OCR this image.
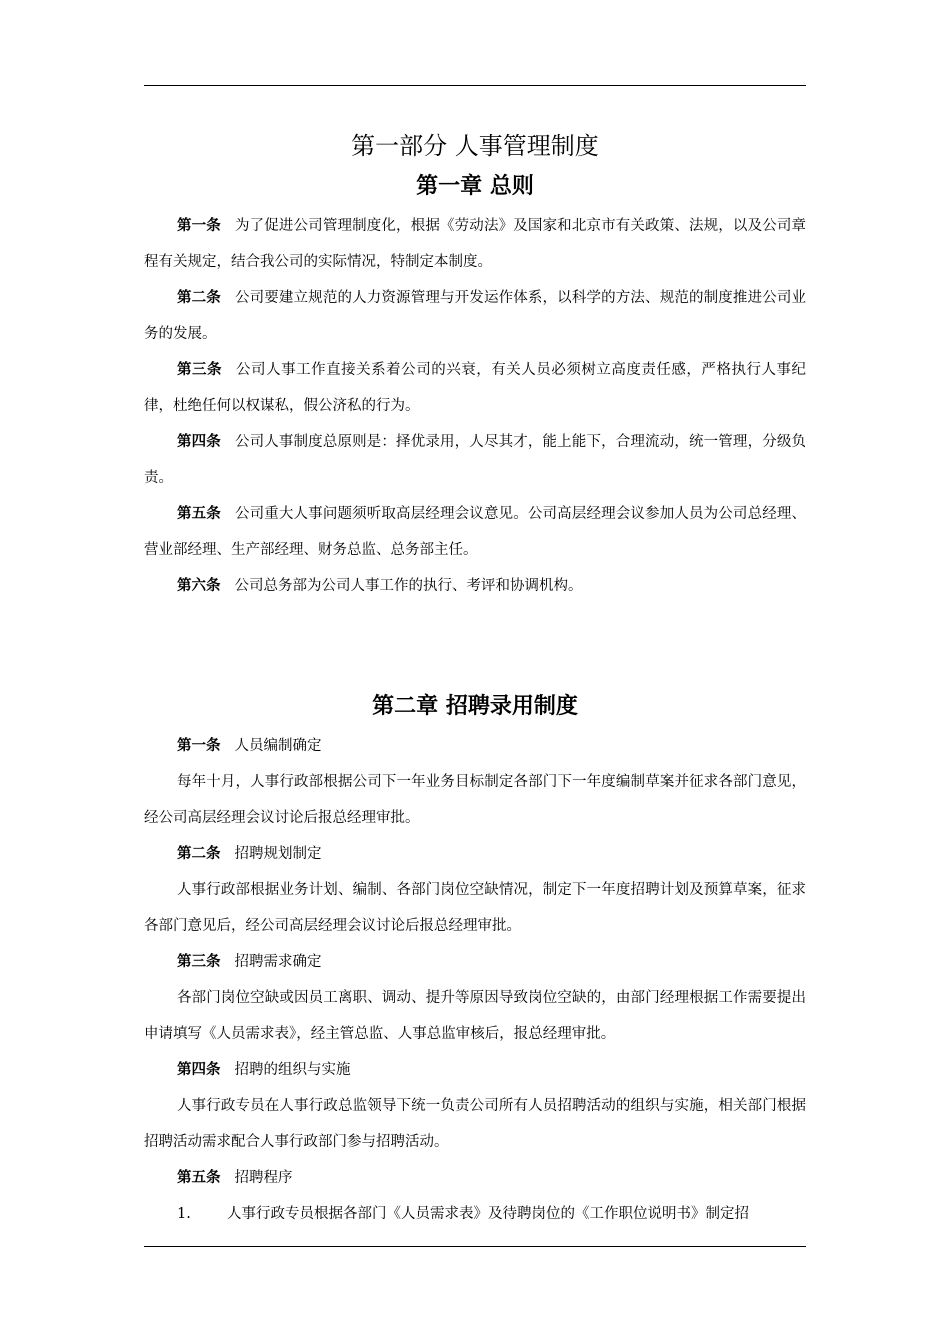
第一部分 人事管理制度
第一章 总则

第一条 为了促进公司管理制度化，根据《劳动法》及国家和北京市有关政策、法规，以及公司章程有关规定，结合我公司的实际情况，特制定本制度。

第二条 公司要建立规范的人力资源管理与开发运作体系，以科学的方法、规范的制度推进公司业务的发展。

第三条 公司人事工作直接关系着公司的兴衰，有关人员必须树立高度责任感，严格执行人事纪律，杜绝任何以权谋私，假公济私的行为。

第四条 公司人事制度总原则是：择优录用，人尽其才，能上能下，合理流动，统一管理，分级负责。

第五条 公司重大人事问题须听取高层经理会议意见。公司高层经理会议参加人员为公司总经理、营业部经理、生产部经理、财务总监、总务部主任。

第六条 公司总务部为公司人事工作的执行、考评和协调机构。

第二章 招聘录用制度

第一条 人员编制确定

每年十月，人事行政部根据公司下一年业务目标制定各部门下一年度编制草案并征求各部门意见，经公司高层经理会议讨论后报总经理审批。

第二条 招聘规划制定

人事行政部根据业务计划、编制、各部门岗位空缺情况，制定下一年度招聘计划及预算草案，征求各部门意见后，经公司高层经理会议讨论后报总经理审批。

第三条 招聘需求确定

各部门岗位空缺或因员工离职、调动、提升等原因导致岗位空缺的，由部门经理根据工作需要提出申请填写《人员需求表》，经主管总监、人事总监审核后，报总经理审批。

第四条 招聘的组织与实施

人事行政专员在人事行政总监领导下统一负责公司所有人员招聘活动的组织与实施，相关部门根据招聘活动需求配合人事行政部门参与招聘活动。

第五条 招聘程序

1. 人事行政专员根据各部门《人员需求表》及待聘岗位的《工作职位说明书》制定招
